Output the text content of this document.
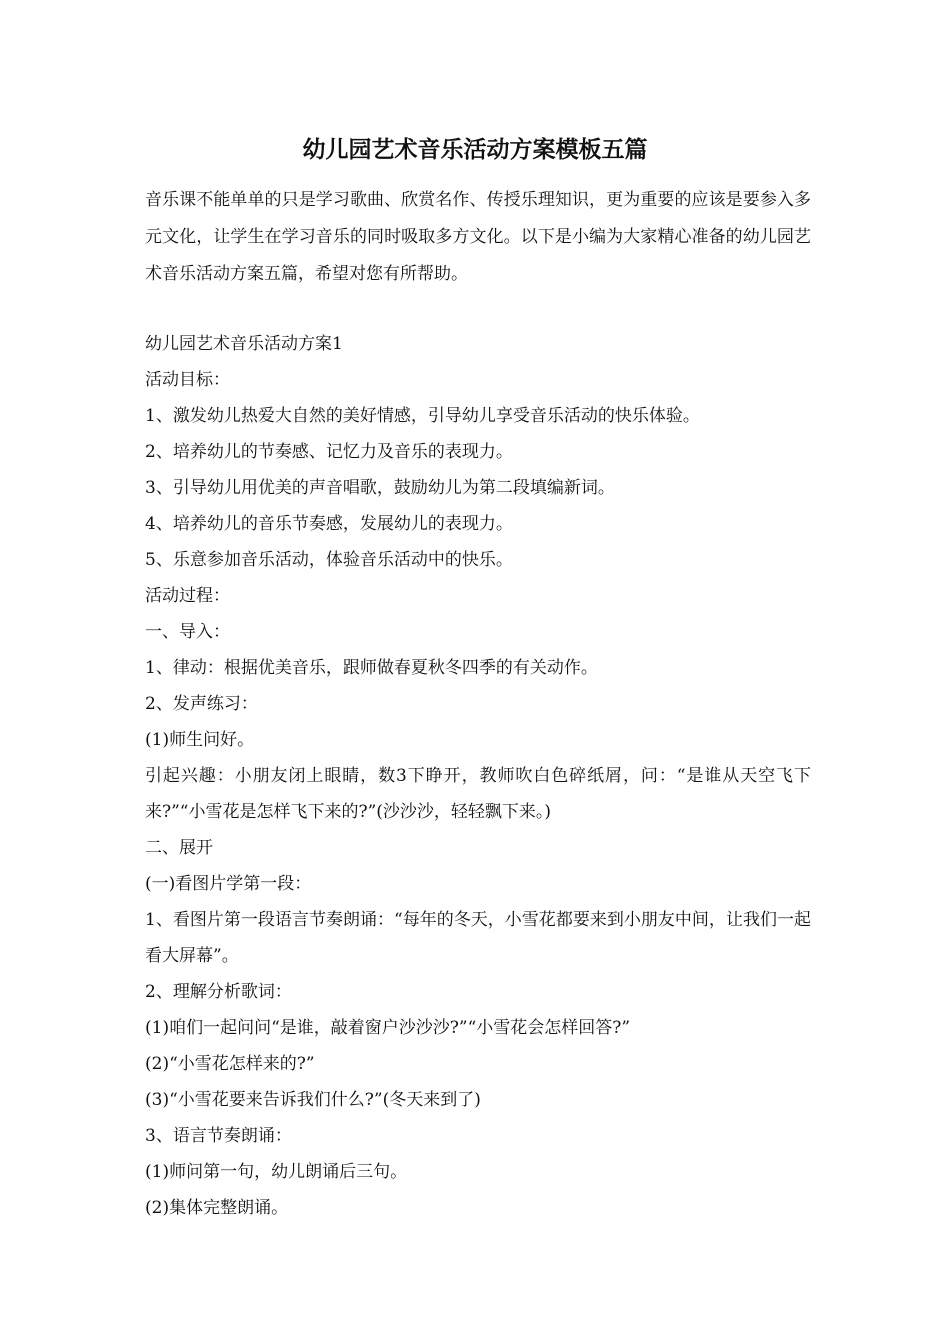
幼儿园艺术音乐活动方案模板五篇

音乐课不能单单的只是学习歌曲、欣赏名作、传授乐理知识，更为重要的应该是要参入多元文化，让学生在学习音乐的同时吸取多方文化。以下是小编为大家精心准备的幼儿园艺术音乐活动方案五篇，希望对您有所帮助。

幼儿园艺术音乐活动方案1

活动目标：

1、激发幼儿热爱大自然的美好情感，引导幼儿享受音乐活动的快乐体验。

2、培养幼儿的节奏感、记忆力及音乐的表现力。

3、引导幼儿用优美的声音唱歌，鼓励幼儿为第二段填编新词。

4、培养幼儿的音乐节奏感，发展幼儿的表现力。

5、乐意参加音乐活动，体验音乐活动中的快乐。

活动过程：

一、导入：

1、律动：根据优美音乐，跟师做春夏秋冬四季的有关动作。

2、发声练习：

(1)师生问好。

引起兴趣：小朋友闭上眼睛，数3下睁开，教师吹白色碎纸屑，问：“是谁从天空飞下来?”“小雪花是怎样飞下来的?”(沙沙沙，轻轻飘下来。)

二、展开

(一)看图片学第一段：

1、看图片第一段语言节奏朗诵：“每年的冬天，小雪花都要来到小朋友中间，让我们一起看大屏幕”。

2、理解分析歌词：

(1)咱们一起问问“是谁，敲着窗户沙沙沙?”“小雪花会怎样回答?”

(2)“小雪花怎样来的?”

(3)“小雪花要来告诉我们什么?”(冬天来到了)

3、语言节奏朗诵：

(1)师问第一句，幼儿朗诵后三句。

(2)集体完整朗诵。
